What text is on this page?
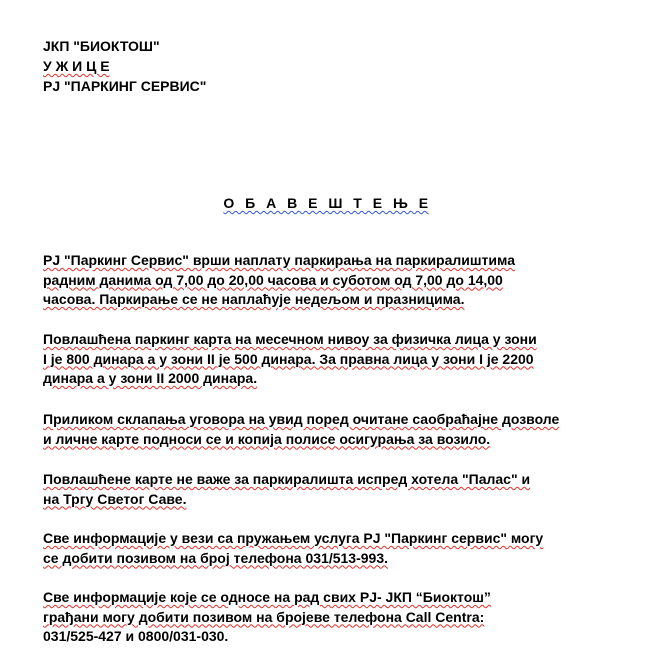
JКП "БИОКТОШ"
У Ж И Ц Е
РЈ "ПАРКИНГ СЕРВИС"
О Б А В Е Ш Т Е Њ Е

РЈ "Паркинг Сервис" врши наплату паркирања на паркиралиштима
радним данима од 7,00 до 20,00 часова и суботом од 7,00 до 14,00
часова. Паркирање се не наплаћује недељом и празницима.

Повлашћена паркинг карта на месечном нивоу за физичка лица у зони
I је 800 динара а у зони II је 500 динара. За правна лица у зони I је 2200
динара а у зони II 2000 динара.

Приликом склапања уговора на увид поред очитане саобраћајне дозволе
и личне карте подноси се и копија полисе осигурања за возило.

Повлашћене карте не важе за паркиралишта испред хотела "Палас" и
на Тргу Светог Саве.

Све информације у вези са пружањем услуга РЈ "Паркинг сервис" могу
се добити позивом на број телефона 031/513-993.

Све информације које се односе на рад свих РЈ- ЈКП “Биоктош”
грађани могу добити позивом на бројеве телефона Call Centra:
031/525-427 и 0800/031-030.
